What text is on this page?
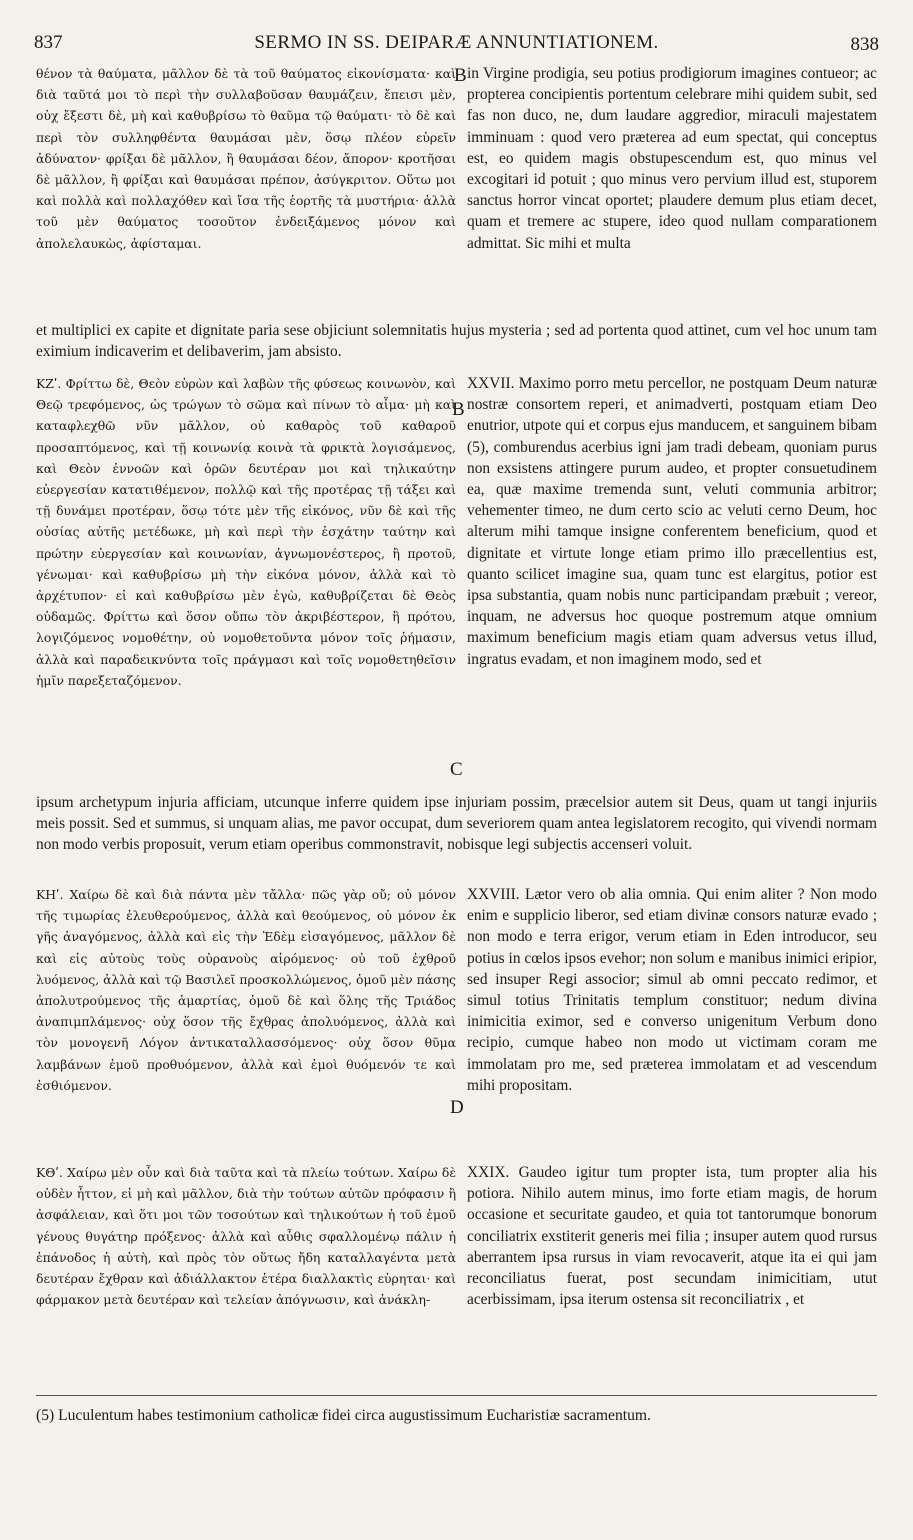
837	SERMO IN SS. DEIPARÆ ANNUNTIATIONEM.	838

θένον τὰ θαύματα, μᾶλλον δὲ τὰ τοῦ θαύματος εἰκονίσματα· καὶ διὰ ταῦτά μοι τὸ περὶ τὴν συλλαβοῦσαν θαυμάζειν, ἔπεισι μὲν, οὐχ ἔξεστι δὲ, μὴ καὶ καθυβρίσω τὸ θαῦμα τῷ θαύματι· τὸ δὲ καὶ περὶ τὸν συλληφθέντα θαυμάσαι μὲν, ὅσῳ πλέον εὑρεῖν ἀδύνατον· φρίξαι δὲ μᾶλλον, ἢ θαυμάσαι δέον, ἄπορον· κροτῆσαι δὲ μᾶλλον, ἢ φρίξαι καὶ θαυμάσαι πρέπον, ἀσύγκριτον. Οὕτω μοι καὶ πολλὰ καὶ πολλαχόθεν καὶ ἴσα τῆς ἑορτῆς τὰ μυστήρια· ἀλλὰ τοῦ μὲν θαύματος τοσοῦτον ἐνδειξάμενος μόνον καὶ ἀπολελαυκὼς, ἀφίσταμαι.

in Virgine prodigia, seu potius prodigiorum imagines contueor; ac propterea concipientis portentum celebrare mihi quidem subit, sed fas non duco, ne, dum laudare aggredior, miraculi majestatem imminuam : quod vero præterea ad eum spectat, qui conceptus est, eo quidem magis obstupescendum est, quo minus vel excogitari id potuit ; quo minus vero pervium illud est, stuporem sanctus horror vincat oportet; plaudere demum plus etiam decet, quam et tremere ac stupere, ideo quod nullam comparationem admittat. Sic mihi et multa

et multiplici ex capite et dignitate paria sese objiciunt solemnitatis hujus mysteria ; sed ad portenta quod attinet, cum vel hoc unum tam eximium indicaverim et delibaverim, jam absisto.

ΚΖʹ. Φρίττω δὲ, Θεὸν εὑρὼν καὶ λαβὼν τῆς φύσεως κοινωνὸν, καὶ Θεῷ τρεφόμενος, ὡς τρώγων τὸ σῶμα καὶ πίνων τὸ αἷμα· μὴ καὶ καταφλεχθῶ νῦν μᾶλλον, οὐ καθαρὸς τοῦ καθαροῦ προσαπτόμενος, καὶ τῇ κοινωνίᾳ κοινὰ τὰ φρικτὰ λογισάμενος, καὶ Θεὸν ἐννοῶν καὶ ὁρῶν δευτέραν μοι καὶ τηλικαύτην εὐεργεσίαν κατατιθέμενον, πολλῷ καὶ τῆς προτέρας τῇ τάξει καὶ τῇ δυνάμει προτέραν, ὅσῳ τότε μὲν τῆς εἰκόνος, νῦν δὲ καὶ τῆς οὐσίας αὐτῆς μετέδωκε, μὴ καὶ περὶ τὴν ἐσχάτην ταύτην καὶ πρώτην εὐεργεσίαν καὶ κοινωνίαν, ἀγνωμονέστερος, ἢ προτοῦ, γένωμαι· καὶ καθυβρίσω μὴ τὴν εἰκόνα μόνον, ἀλλὰ καὶ τὸ ἀρχέτυπον· εἰ καὶ καθυβρίσω μὲν ἐγὼ, καθυβρίζεται δὲ Θεὸς οὐδαμῶς. Φρίττω καὶ ὅσον οὔπω τὸν ἀκριβέστερον, ἢ πρότου, λογιζόμενος νομοθέτην, οὐ νομοθετοῦντα μόνον τοῖς ῥήμασιν, ἀλλὰ καὶ παραδεικνύντα τοῖς πράγμασι καὶ τοῖς νομοθετηθεῖσιν ἡμῖν παρεξεταζόμενον.

XXVII. Maximo porro metu percellor, ne postquam Deum naturæ nostræ consortem reperi, et animadverti, postquam etiam Deo enutrior, utpote qui et corpus ejus manducem, et sanguinem bibam (5), comburendus acerbius igni jam tradi debeam, quoniam purus non exsistens attingere purum audeo, et propter consuetudinem ea, quæ maxime tremenda sunt, veluti communia arbitror; vehementer timeo, ne dum certo scio ac veluti cerno Deum, hoc alterum mihi tamque insigne conferentem beneficium, quod et dignitate et virtute longe etiam primo illo præcellentius est, quanto scilicet imagine sua, quam tunc est elargitus, potior est ipsa substantia, quam nobis nunc participandam præbuit ; vereor, inquam, ne adversus hoc quoque postremum atque omnium maximum beneficium magis etiam quam adversus vetus illud, ingratus evadam, et non imaginem modo, sed et

ipsum archetypum injuria afficiam, utcunque inferre quidem ipse injuriam possim, præcelsior autem sit Deus, quam ut tangi injuriis meis possit. Sed et summus, si unquam alias, me pavor occupat, dum severiorem quam antea legislatorem recogito, qui vivendi normam non modo verbis proposuit, verum etiam operibus commonstravit, nobisque legi subjectis accenseri voluit.

ΚΗʹ. Χαίρω δὲ καὶ διὰ πάντα μὲν τἄλλα· πῶς γὰρ οὔ; οὐ μόνον τῆς τιμωρίας ἐλευθερούμενος, ἀλλὰ καὶ θεούμενος, οὐ μόνον ἐκ γῆς ἀναγόμενος, ἀλλὰ καὶ εἰς τὴν Ἐδὲμ εἰσαγόμενος, μᾶλλον δὲ καὶ εἰς αὐτοὺς τοὺς οὐρανοὺς αἰρόμενος· οὐ τοῦ ἐχθροῦ λυόμενος, ἀλλὰ καὶ τῷ Βασιλεῖ προσκολλώμενος, ὁμοῦ μὲν πάσης ἀπολυτρούμενος τῆς ἁμαρτίας, ὁμοῦ δὲ καὶ ὅλης τῆς Τριάδος ἀναπιμπλάμενος· οὐχ ὅσον τῆς ἔχθρας ἀπολυόμενος, ἀλλὰ καὶ τὸν μονογενῆ Λόγον ἀντικαταλλασσόμενος· οὐχ ὅσον θῦμα λαμβάνων ἐμοῦ προθυόμενον, ἀλλὰ καὶ ἐμοὶ θυόμενόν τε καὶ ἐσθιόμενον.

XXVIII. Lætor vero ob alia omnia. Qui enim aliter ? Non modo enim e supplicio liberor, sed etiam divinæ consors naturæ evado ; non modo e terra erigor, verum etiam in Eden introducor, seu potius in cœlos ipsos evehor; non solum e manibus inimici eripior, sed insuper Regi associor; simul ab omni peccato redimor, et simul totius Trinitatis templum constituor; nedum divina inimicitia eximor, sed e converso unigenitum Verbum dono recipio, cumque habeo non modo ut victimam coram me immolatam pro me, sed præterea immolatam et ad vescendum mihi propositam.

ΚΘʹ. Χαίρω μὲν οὖν καὶ διὰ ταῦτα καὶ τὰ πλείω τούτων. Χαίρω δὲ οὐδὲν ἧττον, εἰ μὴ καὶ μᾶλλον, διὰ τὴν τούτων αὐτῶν πρόφασιν ἢ ἀσφάλειαν, καὶ ὅτι μοι τῶν τοσούτων καὶ τηλικούτων ἡ τοῦ ἐμοῦ γένους θυγάτηρ πρόξενος· ἀλλὰ καὶ αὖθις σφαλλομένῳ πάλιν ἡ ἐπάνοδος ἡ αὐτὴ, καὶ πρὸς τὸν οὕτως ἤδη καταλλαγέντα μετὰ δευτέραν ἔχθραν καὶ ἀδιάλλακτον ἑτέρα διαλλακτὶς εὑρηται· καὶ φάρμακον μετὰ δευτέραν καὶ τελείαν ἀπόγνωσιν, καὶ ἀνάκλη-

XXIX. Gaudeo igitur tum propter ista, tum propter alia his potiora. Nihilo autem minus, imo forte etiam magis, de horum occasione et securitate gaudeo, et quia tot tantorumque bonorum conciliatrix exstiterit generis mei filia ; insuper autem quod rursus aberrantem ipsa rursus in viam revocaverit, atque ita ei qui jam reconciliatus fuerat, post secundam inimicitiam, utut acerbissimam, ipsa iterum ostensa sit reconciliatrix , et

B
B
C
D

(5) Luculentum habes testimonium catholicæ fidei circa augustissimum Eucharistiæ sacramentum.
